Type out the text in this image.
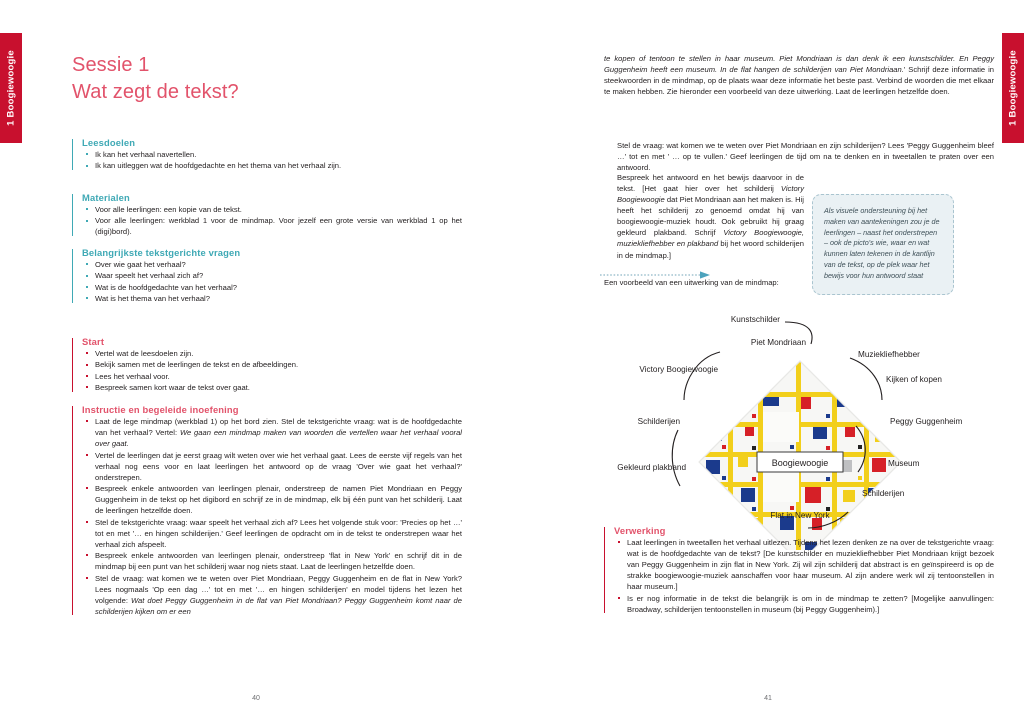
1 Boogiewoogie	Sessie 1
Wat zegt de tekst?
Leesdoelen
Ik kan het verhaal navertellen.
Ik kan uitleggen wat de hoofdgedachte en het thema van het verhaal zijn.
Materialen
Voor alle leerlingen: een kopie van de tekst.
Voor alle leerlingen: werkblad 1 voor de mindmap. Voor jezelf een grote versie van werkblad 1 op het (digi)bord).
Belangrijkste tekstgerichte vragen
Over wie gaat het verhaal?
Waar speelt het verhaal zich af?
Wat is de hoofdgedachte van het verhaal?
Wat is het thema van het verhaal?
Start
Vertel wat de leesdoelen zijn.
Bekijk samen met de leerlingen de tekst en de afbeeldingen.
Lees het verhaal voor.
Bespreek samen kort waar de tekst over gaat.
Instructie en begeleide inoefening
Laat de lege mindmap (werkblad 1) op het bord zien. Stel de tekstgerichte vraag: wat is de hoofdgedachte van het verhaal? Vertel: We gaan een mindmap maken van woorden die vertellen waar het verhaal vooral over gaat.
Vertel de leerlingen dat je eerst graag wilt weten over wie het verhaal gaat. Lees de eerste vijf regels van het verhaal nog eens voor en laat leerlingen het antwoord op de vraag 'Over wie gaat het verhaal?' onderstrepen.
Bespreek enkele antwoorden van leerlingen plenair, onderstreep de namen Piet Mondriaan en Peggy Guggenheim in de tekst op het digibord en schrijf ze in de mindmap, elk bij één punt van het schilderij. Laat de leerlingen hetzelfde doen.
Stel de tekstgerichte vraag: waar speelt het verhaal zich af? Lees het volgende stuk voor: 'Precies op het …' tot en met '… en hingen schilderijen.' Geef leerlingen de opdracht om in de tekst te onderstrepen waar het verhaal zich afspeelt.
Bespreek enkele antwoorden van leerlingen plenair, onderstreep 'flat in New York' en schrijf dit in de mindmap bij een punt van het schilderij waar nog niets staat. Laat de leerlingen hetzelfde doen.
Stel de vraag: wat komen we te weten over Piet Mondriaan, Peggy Guggenheim en de flat in New York? Lees nogmaals 'Op een dag …' tot en met '… en hingen schilderijen' en model tijdens het lezen het volgende: Wat doet Peggy Guggenheim in de flat van Piet Mondriaan? Peggy Guggenheim komt naar de schilderijen kijken om er een
40
1 Boogiewoogie

te kopen of tentoon te stellen in haar museum. Piet Mondriaan is dan denk ik een kunstschilder. En Peggy Guggenheim heeft een museum. In de flat hangen de schilderijen van Piet Mondriaan.' Schrijf deze informatie in steekwoorden in de mindmap, op de plaats waar deze informatie het beste past. Verbind de woorden die met elkaar te maken hebben. Zie hieronder een voorbeeld van deze uitwerking. Laat de leerlingen hetzelfde doen.

Stel de vraag: wat komen we te weten over Piet Mondriaan en zijn schilderijen? Lees 'Peggy Guggenheim bleef …' tot en met ' … op te vullen.' Geef leerlingen de tijd om na te denken en in tweetallen te praten over een antwoord.
Bespreek het antwoord en het bewijs daarvoor in de tekst. [Het gaat hier over het schilderij Victory Boogiewoogie dat Piet Mondriaan aan het maken is. Hij heeft het schilderij zo genoemd omdat hij van boogiewoogie-muziek houdt. Ook gebruikt hij graag gekleurd plakband. Schrijf Victory Boogiewoogie, muziekliefhebber en plakband bij het woord schilderijen in de mindmap.]

Een voorbeeld van een uitwerking van de mindmap:

Als visuele ondersteuning bij het maken van aantekeningen zou je de leerlingen – naast het onderstrepen – ook de picto's wie, waar en wat kunnen laten tekenen in de kantlijn van de tekst, op de plek waar het bewijs voor hun antwoord staat
Boogiewoogie
Kunstschilder
Piet Mondriaan
Muziekliefhebber
Victory Boogiewoogie
Kijken of kopen
Schilderijen	Peggy Guggenheim
Gekleurd plakband	Museum
Schilderijen
Flat in New York
Verwerking
Laat leerlingen in tweetallen het verhaal uitlezen. Tijdens het lezen denken ze na over de tekstgerichte vraag: wat is de hoofdgedachte van de tekst? [De kunstschilder en muziekliefhebber Piet Mondriaan krijgt bezoek van Peggy Guggenheim in zijn flat in New York. Zij wil zijn schilderij dat abstract is en geïnspireerd is op de strakke boogiewoogie-muziek aanschaffen voor haar museum. Al zijn andere werk wil zij tentoonstellen in haar museum.]
Is er nog informatie in de tekst die belangrijk is om in de mindmap te zetten? [Mogelijke aanvullingen: Broadway, schilderijen tentoonstellen in museum (bij Peggy Guggenheim).]
41
